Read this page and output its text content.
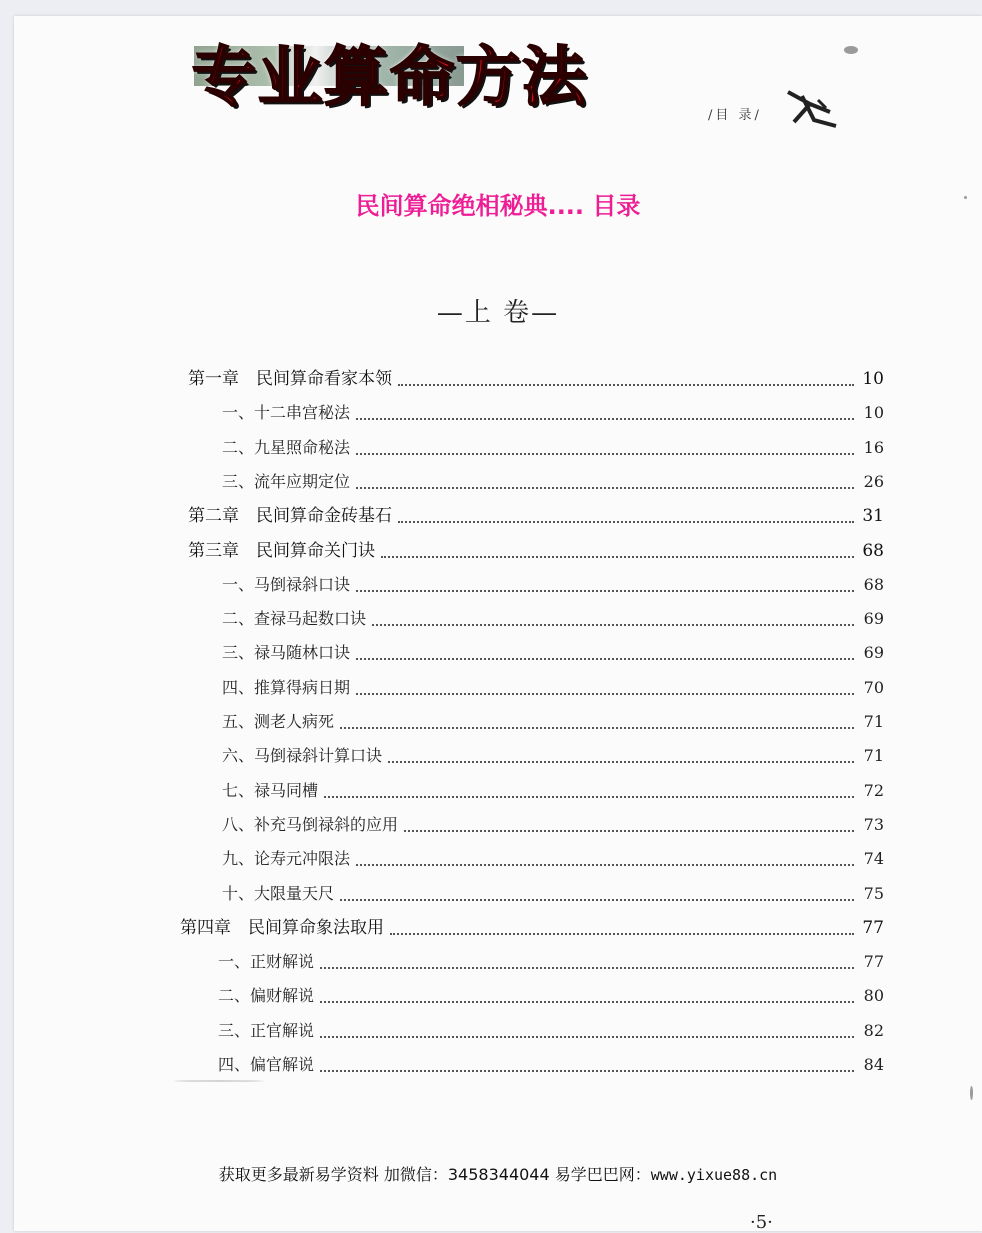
专业算命方法
/目 录/
民间算命绝相秘典.... 目录
—上 卷—
第一章　民间算命看家本领	10
一、十二串宫秘法	10
二、九星照命秘法	16
三、流年应期定位	26
第二章　民间算命金砖基石	31
第三章　民间算命关门诀	68
一、马倒禄斜口诀	68
二、查禄马起数口诀	69
三、禄马随林口诀	69
四、推算得病日期	70
五、测老人病死	71
六、马倒禄斜计算口诀	71
七、禄马同槽	72
八、补充马倒禄斜的应用	73
九、论寿元冲限法	74
十、大限量天尺	75
第四章　民间算命象法取用	77
一、正财解说	77
二、偏财解说	80
三、正官解说	82
四、偏官解说	84
获取更多最新易学资料 加微信：3458344044 易学巴巴网：www.yixue88.cn
·5·
